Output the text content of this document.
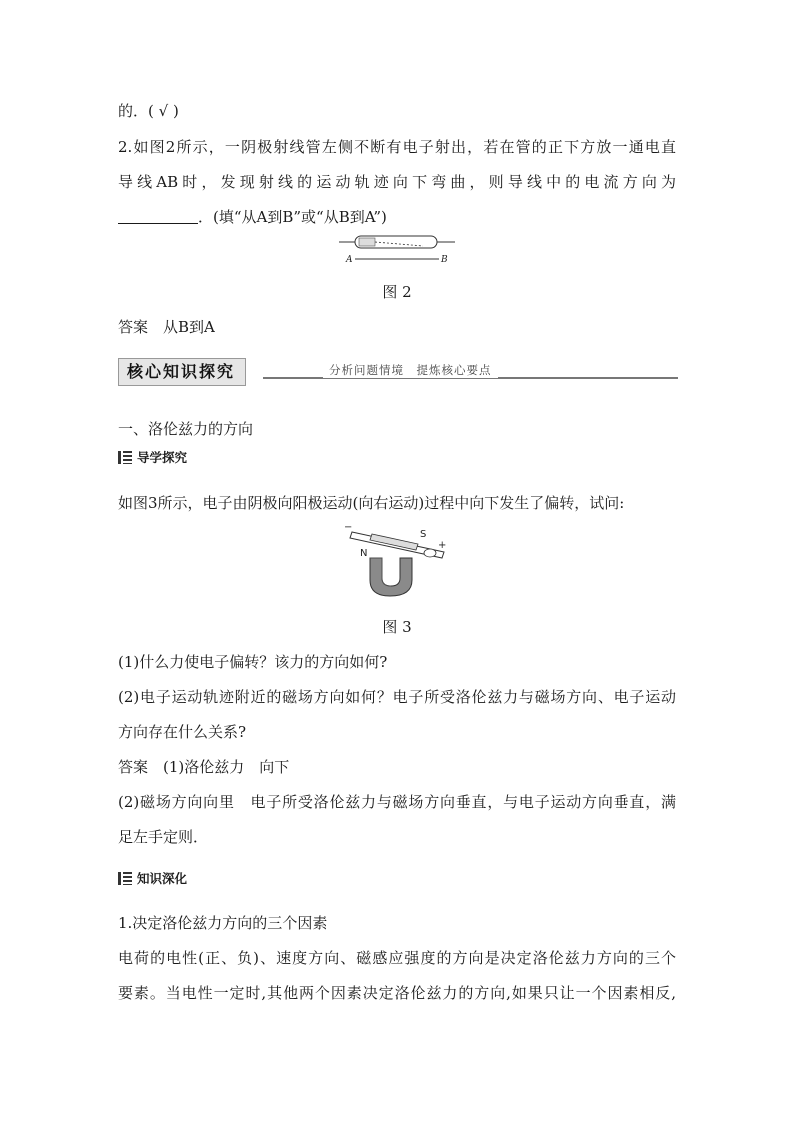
的．( √ )
2.如图2所示，一阴极射线管左侧不断有电子射出，若在管的正下方放一通电直
导线AB时，发现射线的运动轨迹向下弯曲，则导线中的电流方向为
．(填“从A到B”或“从B到A”)
A	B
图 2
答案　从B到A
核心知识探究	分析问题情境　提炼核心要点
一、洛伦兹力的方向
导学探究
如图3所示，电子由阴极向阳极运动(向右运动)过程中向下发生了偏转，试问:
−
+
S
N
图 3
(1)什么力使电子偏转？该力的方向如何?
(2)电子运动轨迹附近的磁场方向如何？电子所受洛伦兹力与磁场方向、电子运动
方向存在什么关系?
答案　(1)洛伦兹力　向下
(2)磁场方向向里　电子所受洛伦兹力与磁场方向垂直，与电子运动方向垂直，满
足左手定则．
知识深化
1.决定洛伦兹力方向的三个因素
电荷的电性(正、负)、速度方向、磁感应强度的方向是决定洛伦兹力方向的三个
要素。当电性一定时,其他两个因素决定洛伦兹力的方向,如果只让一个因素相反,
